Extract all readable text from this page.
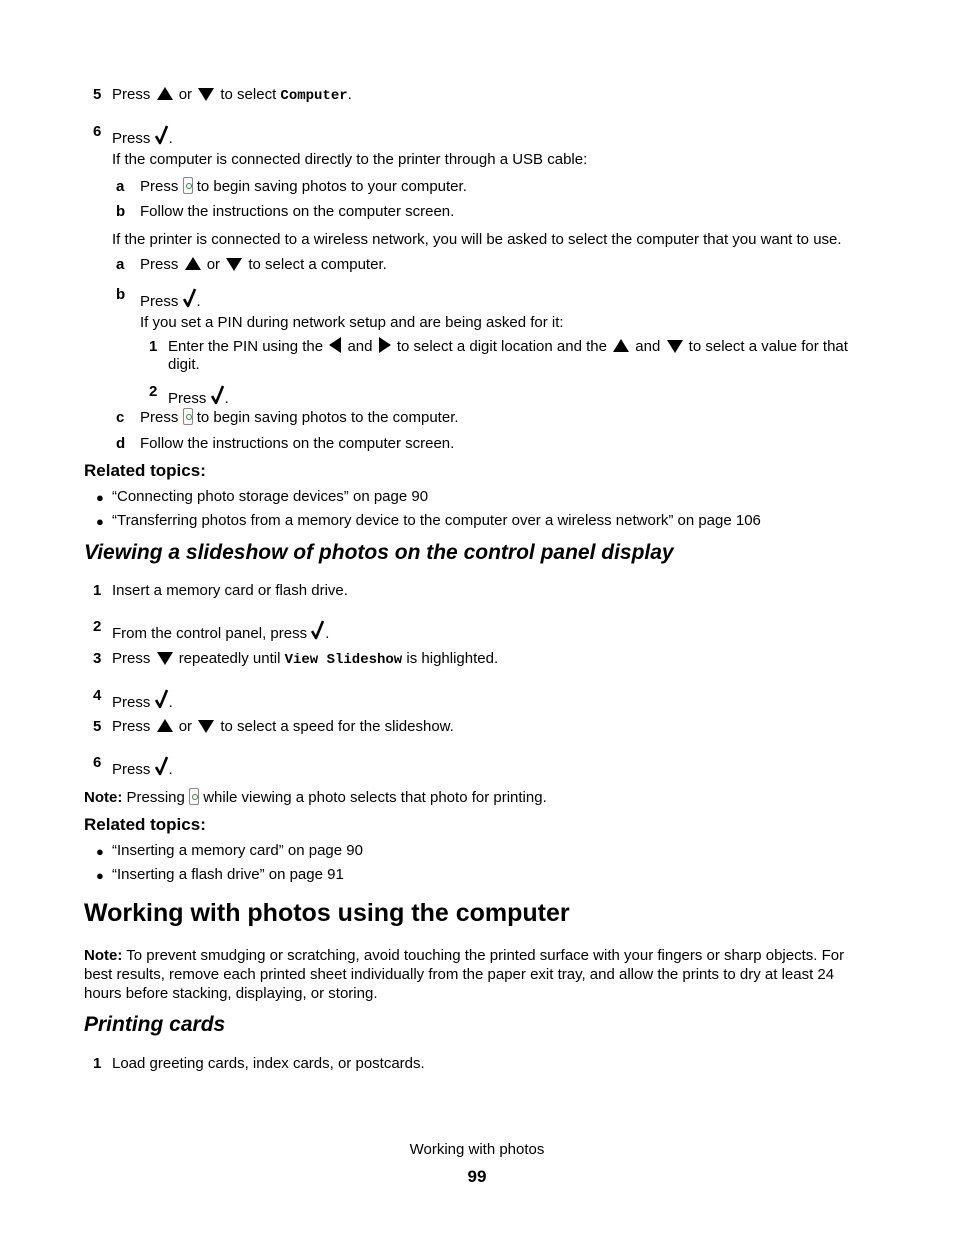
5 Press or to select Computer.
6 Press .
If the computer is connected directly to the printer through a USB cable:
a Press to begin saving photos to your computer.
b Follow the instructions on the computer screen.
If the printer is connected to a wireless network, you will be asked to select the computer that you want to use.
a Press or to select a computer.
b Press .
If you set a PIN during network setup and are being asked for it:
1 Enter the PIN using the and to select a digit location and the and to select a value for that
digit.
2 Press .
c Press to begin saving photos to the computer.
d Follow the instructions on the computer screen.
Related topics:
● “Connecting photo storage devices” on page 90
● “Transferring photos from a memory device to the computer over a wireless network” on page 106
Viewing a slideshow of photos on the control panel display
1 Insert a memory card or flash drive.
2 From the control panel, press .
3 Press repeatedly until View Slideshow is highlighted.
4 Press .
5 Press or to select a speed for the slideshow.
6 Press .
Note: Pressing while viewing a photo selects that photo for printing.
Related topics:
● “Inserting a memory card” on page 90
● “Inserting a flash drive” on page 91
Working with photos using the computer
Note: To prevent smudging or scratching, avoid touching the printed surface with your fingers or sharp objects. For
best results, remove each printed sheet individually from the paper exit tray, and allow the prints to dry at least 24
hours before stacking, displaying, or storing.
Printing cards
1 Load greeting cards, index cards, or postcards.
Working with photos
99
